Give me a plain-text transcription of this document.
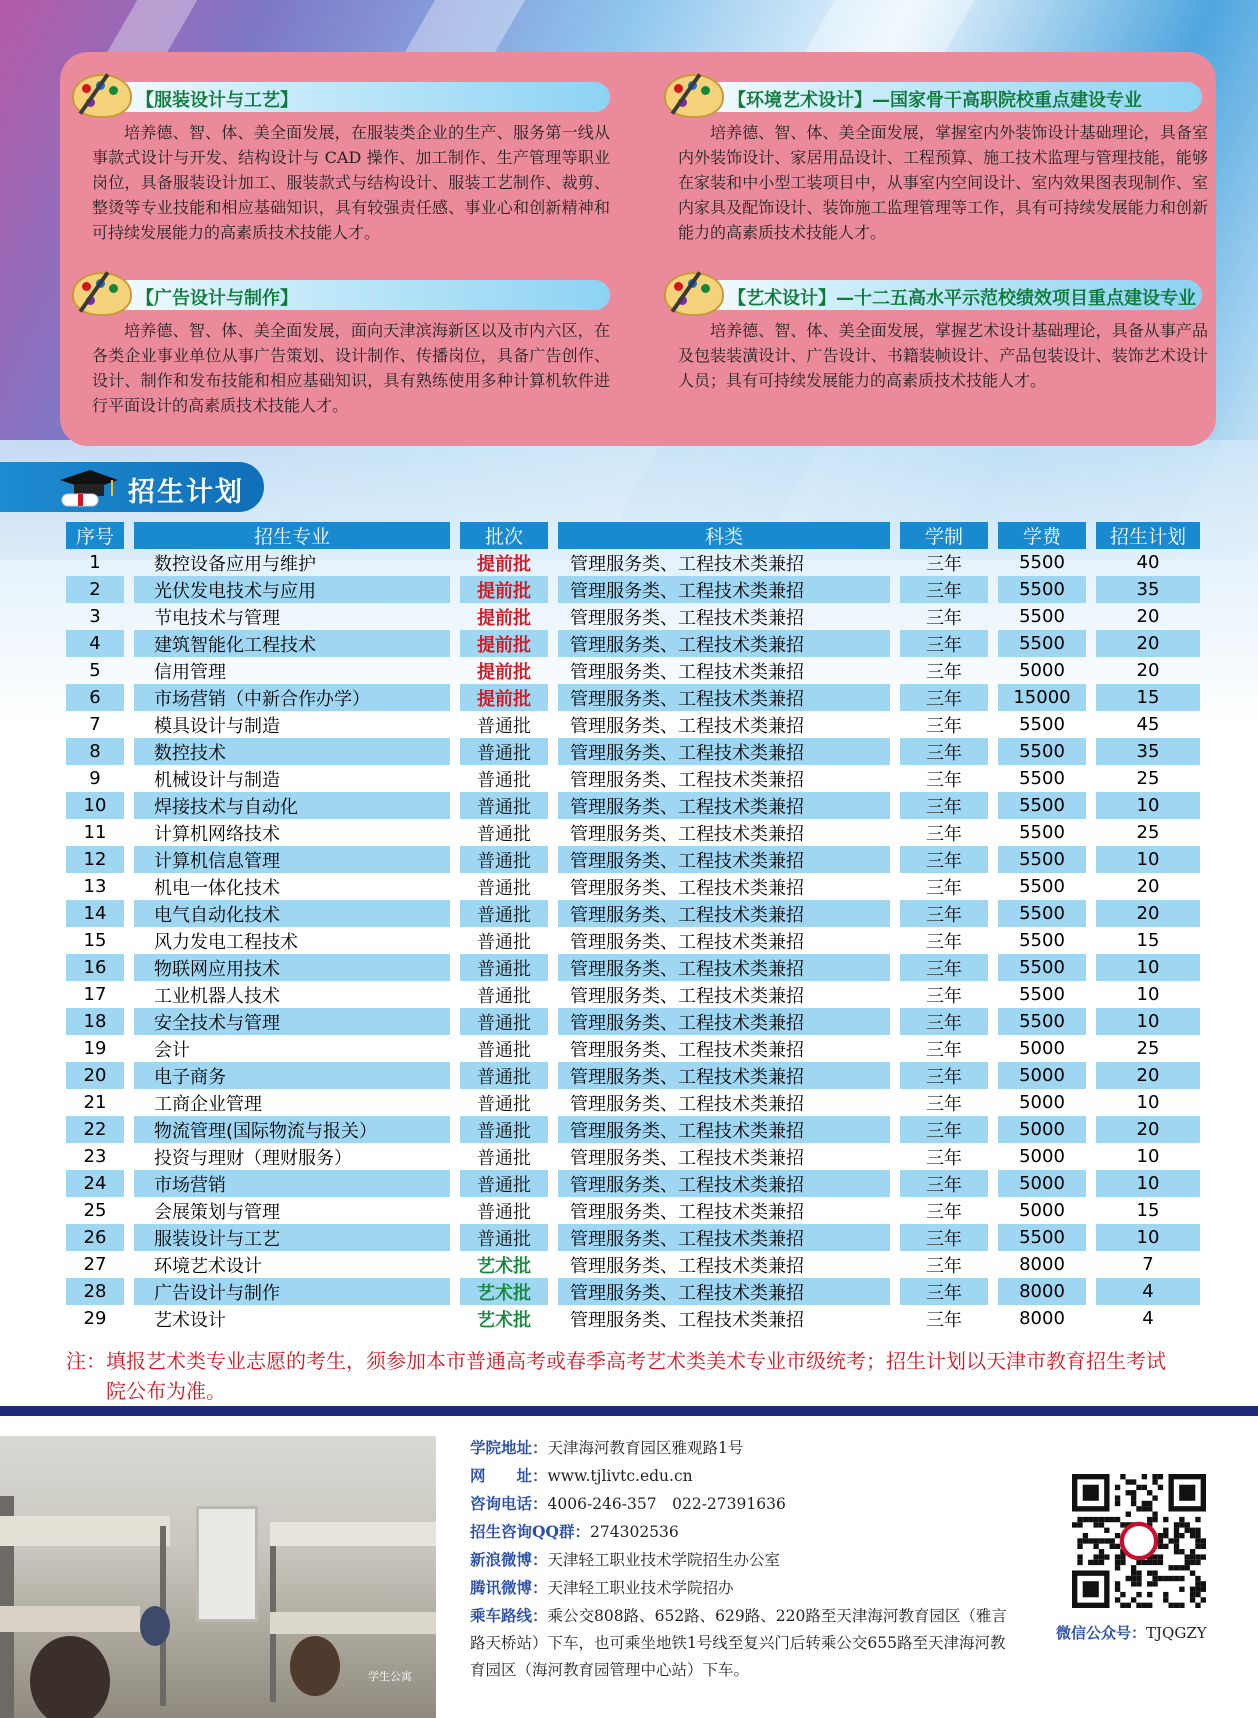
【服装设计与工艺】
培养德、智、体、美全面发展，在服装类企业的生产、服务第一线从事款式设计与开发、结构设计与 CAD 操作、加工制作、生产管理等职业岗位，具备服装设计加工、服装款式与结构设计、服装工艺制作、裁剪、整烫等专业技能和相应基础知识，具有较强责任感、事业心和创新精神和可持续发展能力的高素质技术技能人才。
【环境艺术设计】—国家骨干高职院校重点建设专业
培养德、智、体、美全面发展，掌握室内外装饰设计基础理论，具备室内外装饰设计、家居用品设计、工程预算、施工技术监理与管理技能，能够在家装和中小型工装项目中，从事室内空间设计、室内效果图表现制作、室内家具及配饰设计、装饰施工监理管理等工作，具有可持续发展能力和创新能力的高素质技术技能人才。
【广告设计与制作】
培养德、智、体、美全面发展，面向天津滨海新区以及市内六区，在各类企业事业单位从事广告策划、设计制作、传播岗位，具备广告创作、设计、制作和发布技能和相应基础知识，具有熟练使用多种计算机软件进行平面设计的高素质技术技能人才。
【艺术设计】—十二五高水平示范校绩效项目重点建设专业
培养德、智、体、美全面发展，掌握艺术设计基础理论，具备从事产品及包装装潢设计、广告设计、书籍装帧设计、产品包装设计、装饰艺术设计人员；具有可持续发展能力的高素质技术技能人才。
招生计划
序号		招生专业		批次		科类		学制		学费		招生计划
1		数控设备应用与维护		提前批		管理服务类、工程技术类兼招		三年		5500		40
2		光伏发电技术与应用		提前批		管理服务类、工程技术类兼招		三年		5500		35
3		节电技术与管理		提前批		管理服务类、工程技术类兼招		三年		5500		20
4		建筑智能化工程技术		提前批		管理服务类、工程技术类兼招		三年		5500		20
5		信用管理		提前批		管理服务类、工程技术类兼招		三年		5000		20
6		市场营销（中新合作办学）		提前批		管理服务类、工程技术类兼招		三年		15000		15
7		模具设计与制造		普通批		管理服务类、工程技术类兼招		三年		5500		45
8		数控技术		普通批		管理服务类、工程技术类兼招		三年		5500		35
9		机械设计与制造		普通批		管理服务类、工程技术类兼招		三年		5500		25
10		焊接技术与自动化		普通批		管理服务类、工程技术类兼招		三年		5500		10
11		计算机网络技术		普通批		管理服务类、工程技术类兼招		三年		5500		25
12		计算机信息管理		普通批		管理服务类、工程技术类兼招		三年		5500		10
13		机电一体化技术		普通批		管理服务类、工程技术类兼招		三年		5500		20
14		电气自动化技术		普通批		管理服务类、工程技术类兼招		三年		5500		20
15		风力发电工程技术		普通批		管理服务类、工程技术类兼招		三年		5500		15
16		物联网应用技术		普通批		管理服务类、工程技术类兼招		三年		5500		10
17		工业机器人技术		普通批		管理服务类、工程技术类兼招		三年		5500		10
18		安全技术与管理		普通批		管理服务类、工程技术类兼招		三年		5500		10
19		会计		普通批		管理服务类、工程技术类兼招		三年		5000		25
20		电子商务		普通批		管理服务类、工程技术类兼招		三年		5000		20
21		工商企业管理		普通批		管理服务类、工程技术类兼招		三年		5000		10
22		物流管理(国际物流与报关）		普通批		管理服务类、工程技术类兼招		三年		5000		20
23		投资与理财（理财服务）		普通批		管理服务类、工程技术类兼招		三年		5000		10
24		市场营销		普通批		管理服务类、工程技术类兼招		三年		5000		10
25		会展策划与管理		普通批		管理服务类、工程技术类兼招		三年		5000		15
26		服装设计与工艺		普通批		管理服务类、工程技术类兼招		三年		5500		10
27		环境艺术设计		艺术批		管理服务类、工程技术类兼招		三年		8000		7
28		广告设计与制作		艺术批		管理服务类、工程技术类兼招		三年		8000		4
29		艺术设计		艺术批		管理服务类、工程技术类兼招		三年		8000		4
注：填报艺术类专业志愿的考生，须参加本市普通高考或春季高考艺术类美术专业市级统考；招生计划以天津市教育招生考试
院公布为准。
学生公寓
学院地址：天津海河教育园区雅观路1号
网　　址：www.tjlivtc.edu.cn
咨询电话：4006-246-357　022-27391636
招生咨询QQ群：274302536
新浪微博：天津轻工职业技术学院招生办公室
腾讯微博：天津轻工职业技术学院招办
乘车路线：乘公交808路、652路、629路、220路至天津海河教育园区（雅言路天桥站）下车，也可乘坐地铁1号线至复兴门后转乘公交655路至天津海河教育园区（海河教育园管理中心站）下车。
微信公众号：TJQGZY
